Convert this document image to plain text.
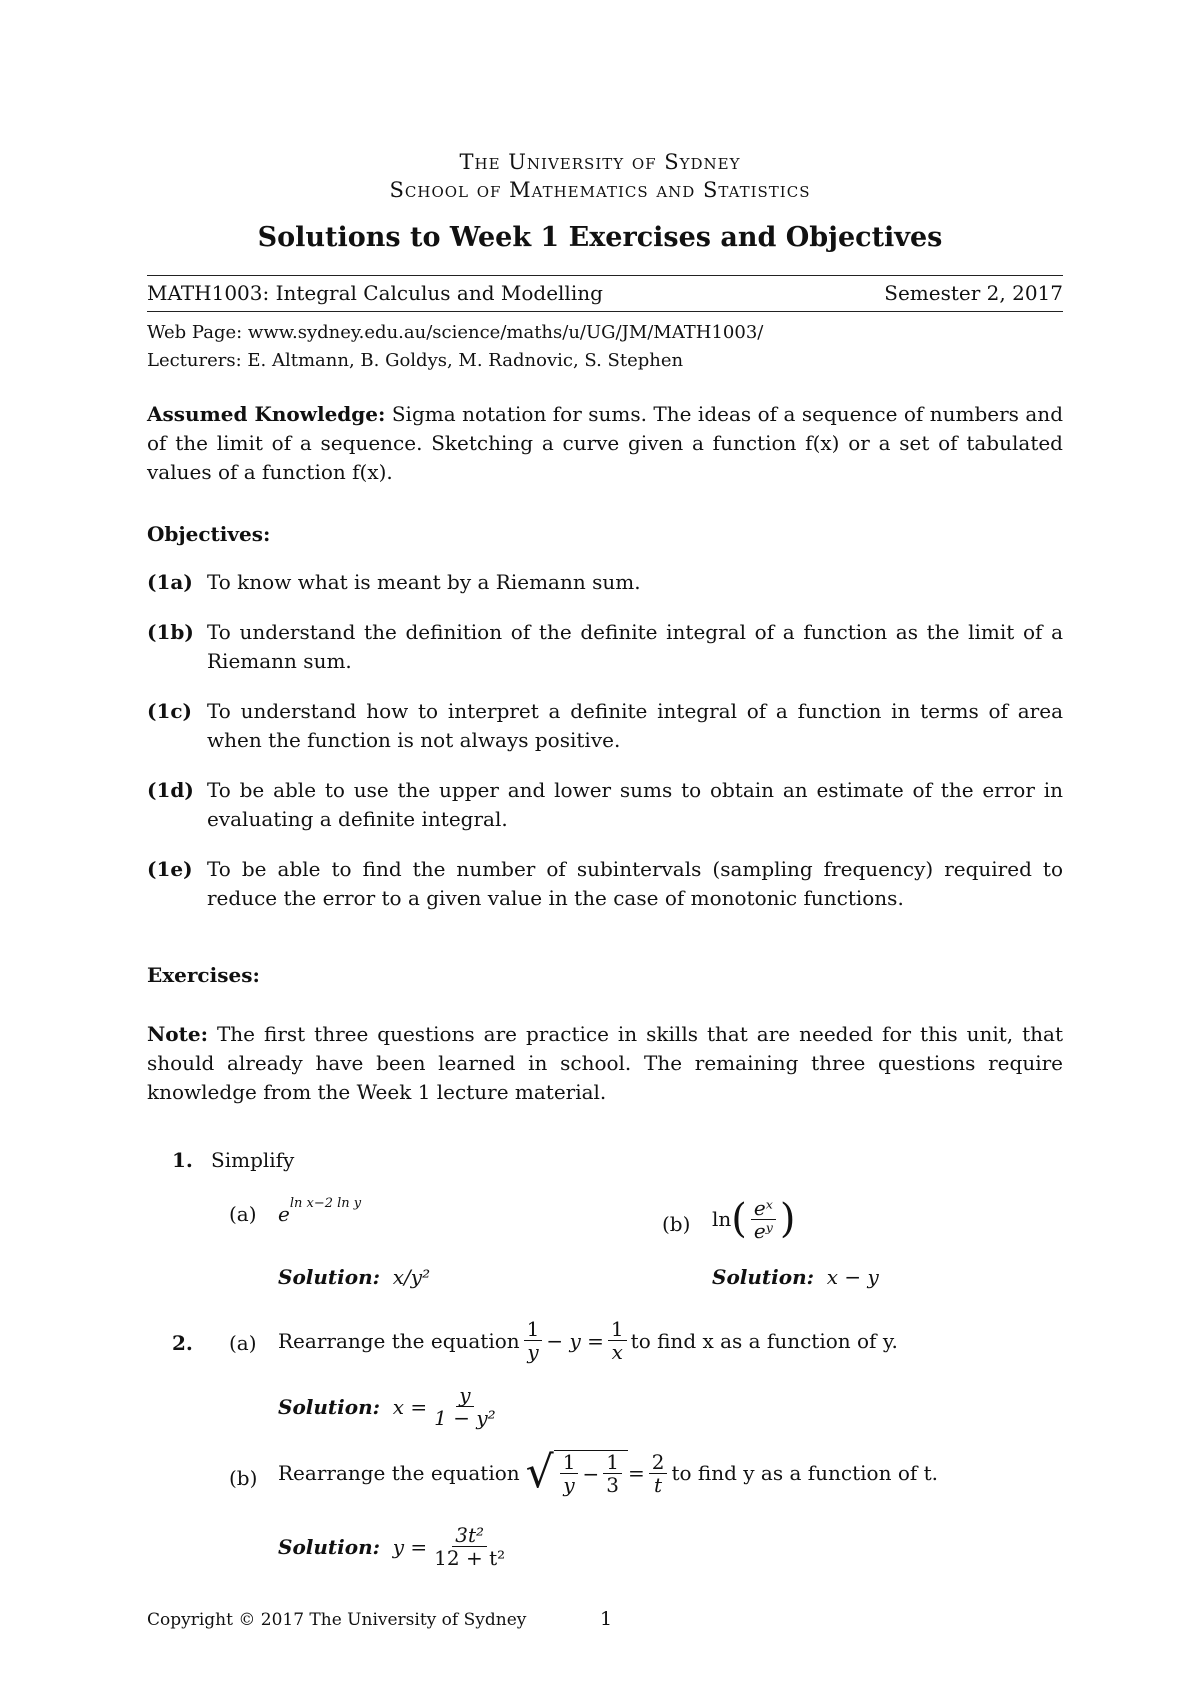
The University of Sydney
School of Mathematics and Statistics
Solutions to Week 1 Exercises and Objectives
MATH1003: Integral Calculus and Modelling	Semester 2, 2017
Web Page: www.sydney.edu.au/science/maths/u/UG/JM/MATH1003/
Lecturers: E. Altmann, B. Goldys, M. Radnovic, S. Stephen
Assumed Knowledge: Sigma notation for sums. The ideas of a sequence of numbers and of the limit of a sequence. Sketching a curve given a function f(x) or a set of tabulated values of a function f(x).
Objectives:
(1a) To know what is meant by a Riemann sum.
(1b) To understand the definition of the definite integral of a function as the limit of a Riemann sum.
(1c) To understand how to interpret a definite integral of a function in terms of area when the function is not always positive.
(1d) To be able to use the upper and lower sums to obtain an estimate of the error in evaluating a definite integral.
(1e) To be able to find the number of subintervals (sampling frequency) required to reduce the error to a given value in the case of monotonic functions.
Exercises:
Note: The first three questions are practice in skills that are needed for this unit, that should already have been learned in school. The remaining three questions require knowledge from the Week 1 lecture material.
1. Simplify
(a) $e^{ln x-2 ln y}$
(b) ln ( $\frac{\text{eˣ}}{\text{eʸ}}$ )
Solution: x/y²	Solution: x − y
2. (a) Rearrange the equation $\frac{1}{y} - y = \frac{1}{x}$ to find x as a function of y.
Solution:
$x = \frac{y}{\text{1 − y²}}$
(b) Rearrange the equation √ $\frac{1}{y} - \frac{1}{3} = \frac{2}{t}$ to find y as a function of t.
Solution:
$y = \frac{\text{3t²}}{\text{12 + t²}}$
Copyright © 2017 The University of Sydney	1
